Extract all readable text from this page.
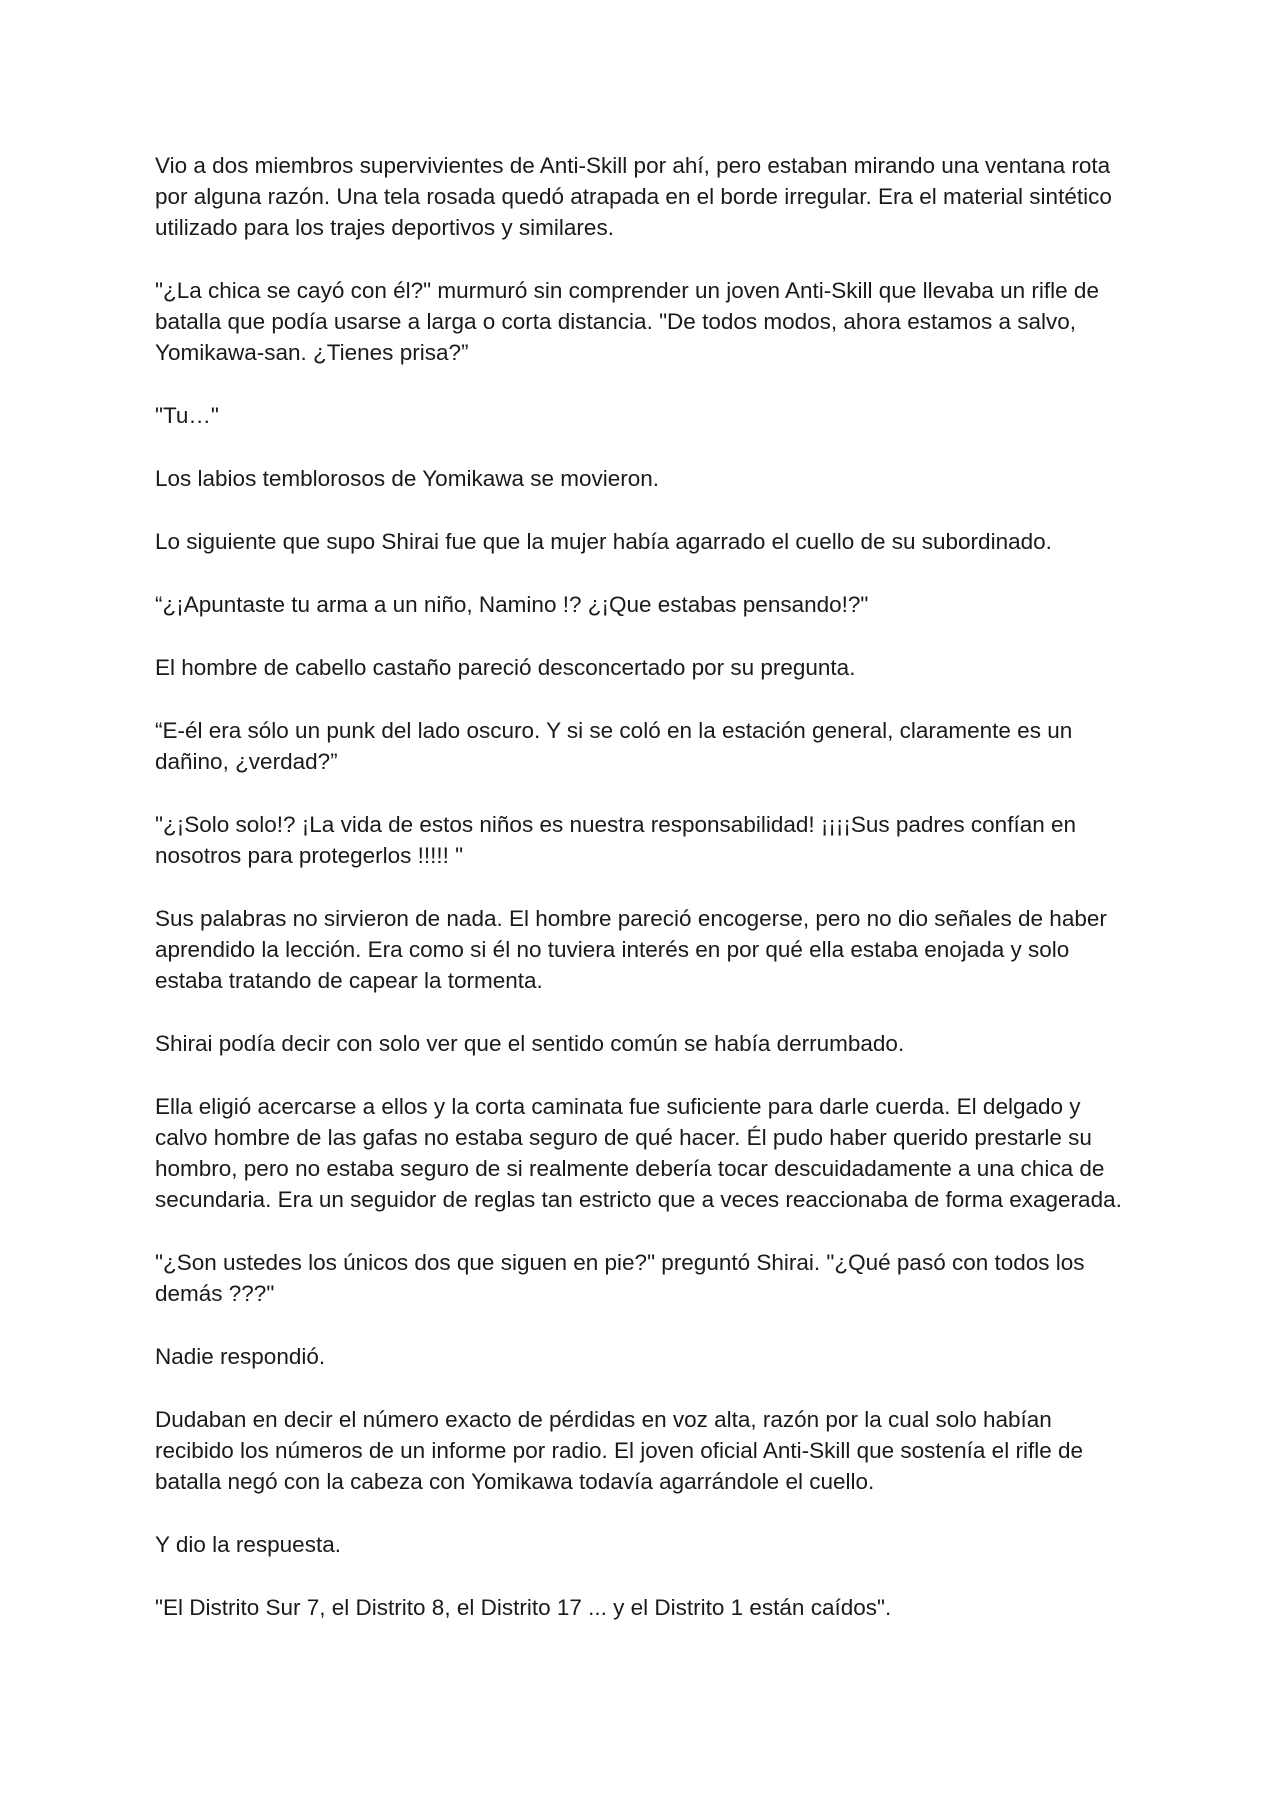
Vio a dos miembros supervivientes de Anti-Skill por ahí, pero estaban mirando una ventana rota por alguna razón. Una tela rosada quedó atrapada en el borde irregular. Era el material sintético utilizado para los trajes deportivos y similares.

"¿La chica se cayó con él?" murmuró sin comprender un joven Anti-Skill que llevaba un rifle de batalla que podía usarse a larga o corta distancia. "De todos modos, ahora estamos a salvo, Yomikawa-san. ¿Tienes prisa?”

"Tu…"

Los labios temblorosos de Yomikawa se movieron.

Lo siguiente que supo Shirai fue que la mujer había agarrado el cuello de su subordinado.

“¿¡Apuntaste tu arma a un niño, Namino !? ¿¡Que estabas pensando!?"

El hombre de cabello castaño pareció desconcertado por su pregunta.

“E-él era sólo un punk del lado oscuro. Y si se coló en la estación general, claramente es un dañino, ¿verdad?”

"¿¡Solo solo!? ¡La vida de estos niños es nuestra responsabilidad! ¡¡¡¡Sus padres confían en nosotros para protegerlos !!!!! "

Sus palabras no sirvieron de nada. El hombre pareció encogerse, pero no dio señales de haber aprendido la lección. Era como si él no tuviera interés en por qué ella estaba enojada y solo estaba tratando de capear la tormenta.

Shirai podía decir con solo ver que el sentido común se había derrumbado.

Ella eligió acercarse a ellos y la corta caminata fue suficiente para darle cuerda. El delgado y calvo hombre de las gafas no estaba seguro de qué hacer. Él pudo haber querido prestarle su hombro, pero no estaba seguro de si realmente debería tocar descuidadamente a una chica de secundaria. Era un seguidor de reglas tan estricto que a veces reaccionaba de forma exagerada.

"¿Son ustedes los únicos dos que siguen en pie?" preguntó Shirai. "¿Qué pasó con todos los demás ???"

Nadie respondió.

Dudaban en decir el número exacto de pérdidas en voz alta, razón por la cual solo habían recibido los números de un informe por radio. El joven oficial Anti-Skill que sostenía el rifle de batalla negó con la cabeza con Yomikawa todavía agarrándole el cuello.

Y dio la respuesta.

"El Distrito Sur 7, el Distrito 8, el Distrito 17 ... y el Distrito 1 están caídos".
